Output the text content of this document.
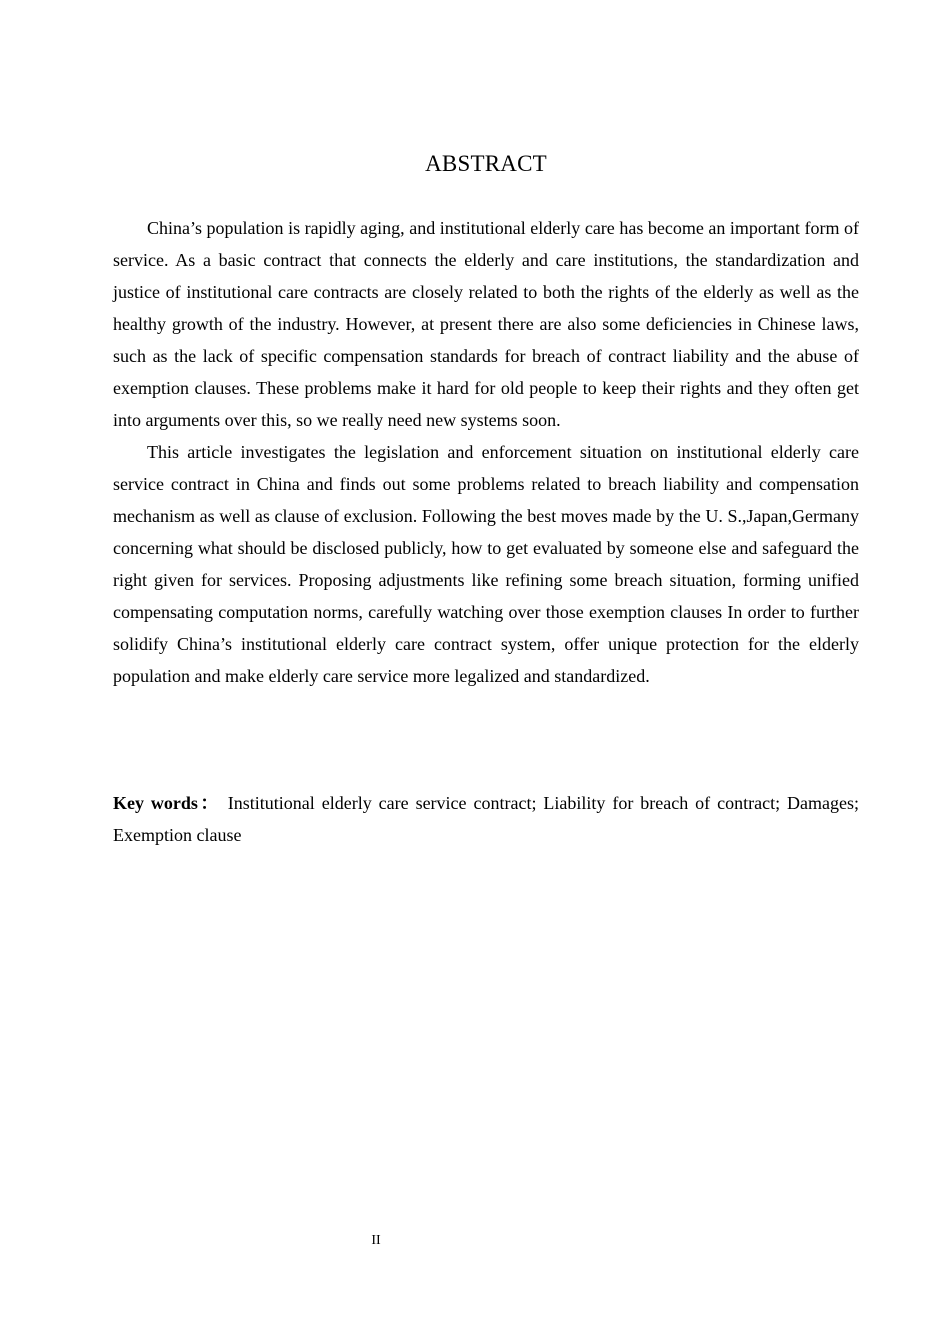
ABSTRACT

China’s population is rapidly aging, and institutional elderly care has become an important form of service. As a basic contract that connects the elderly and care institutions, the standardization and justice of institutional care contracts are closely related to both the rights of the elderly as well as the healthy growth of the industry. However, at present there are also some deficiencies in Chinese laws, such as the lack of specific compensation standards for breach of contract liability and the abuse of exemption clauses. These problems make it hard for old people to keep their rights and they often get into arguments over this, so we really need new systems soon.

This article investigates the legislation and enforcement situation on institutional elderly care service contract in China and finds out some problems related to breach liability and compensation mechanism as well as clause of exclusion. Following the best moves made by the U. S.,Japan,Germany concerning what should be disclosed publicly, how to get evaluated by someone else and safeguard the right given for services. Proposing adjustments like refining some breach situation, forming unified compensating computation norms, carefully watching over those exemption clauses In order to further solidify China’s institutional elderly care contract system, offer unique protection for the elderly population and make elderly care service more legalized and standardized.

Key words： Institutional elderly care service contract; Liability for breach of contract; Damages; Exemption clause

II
